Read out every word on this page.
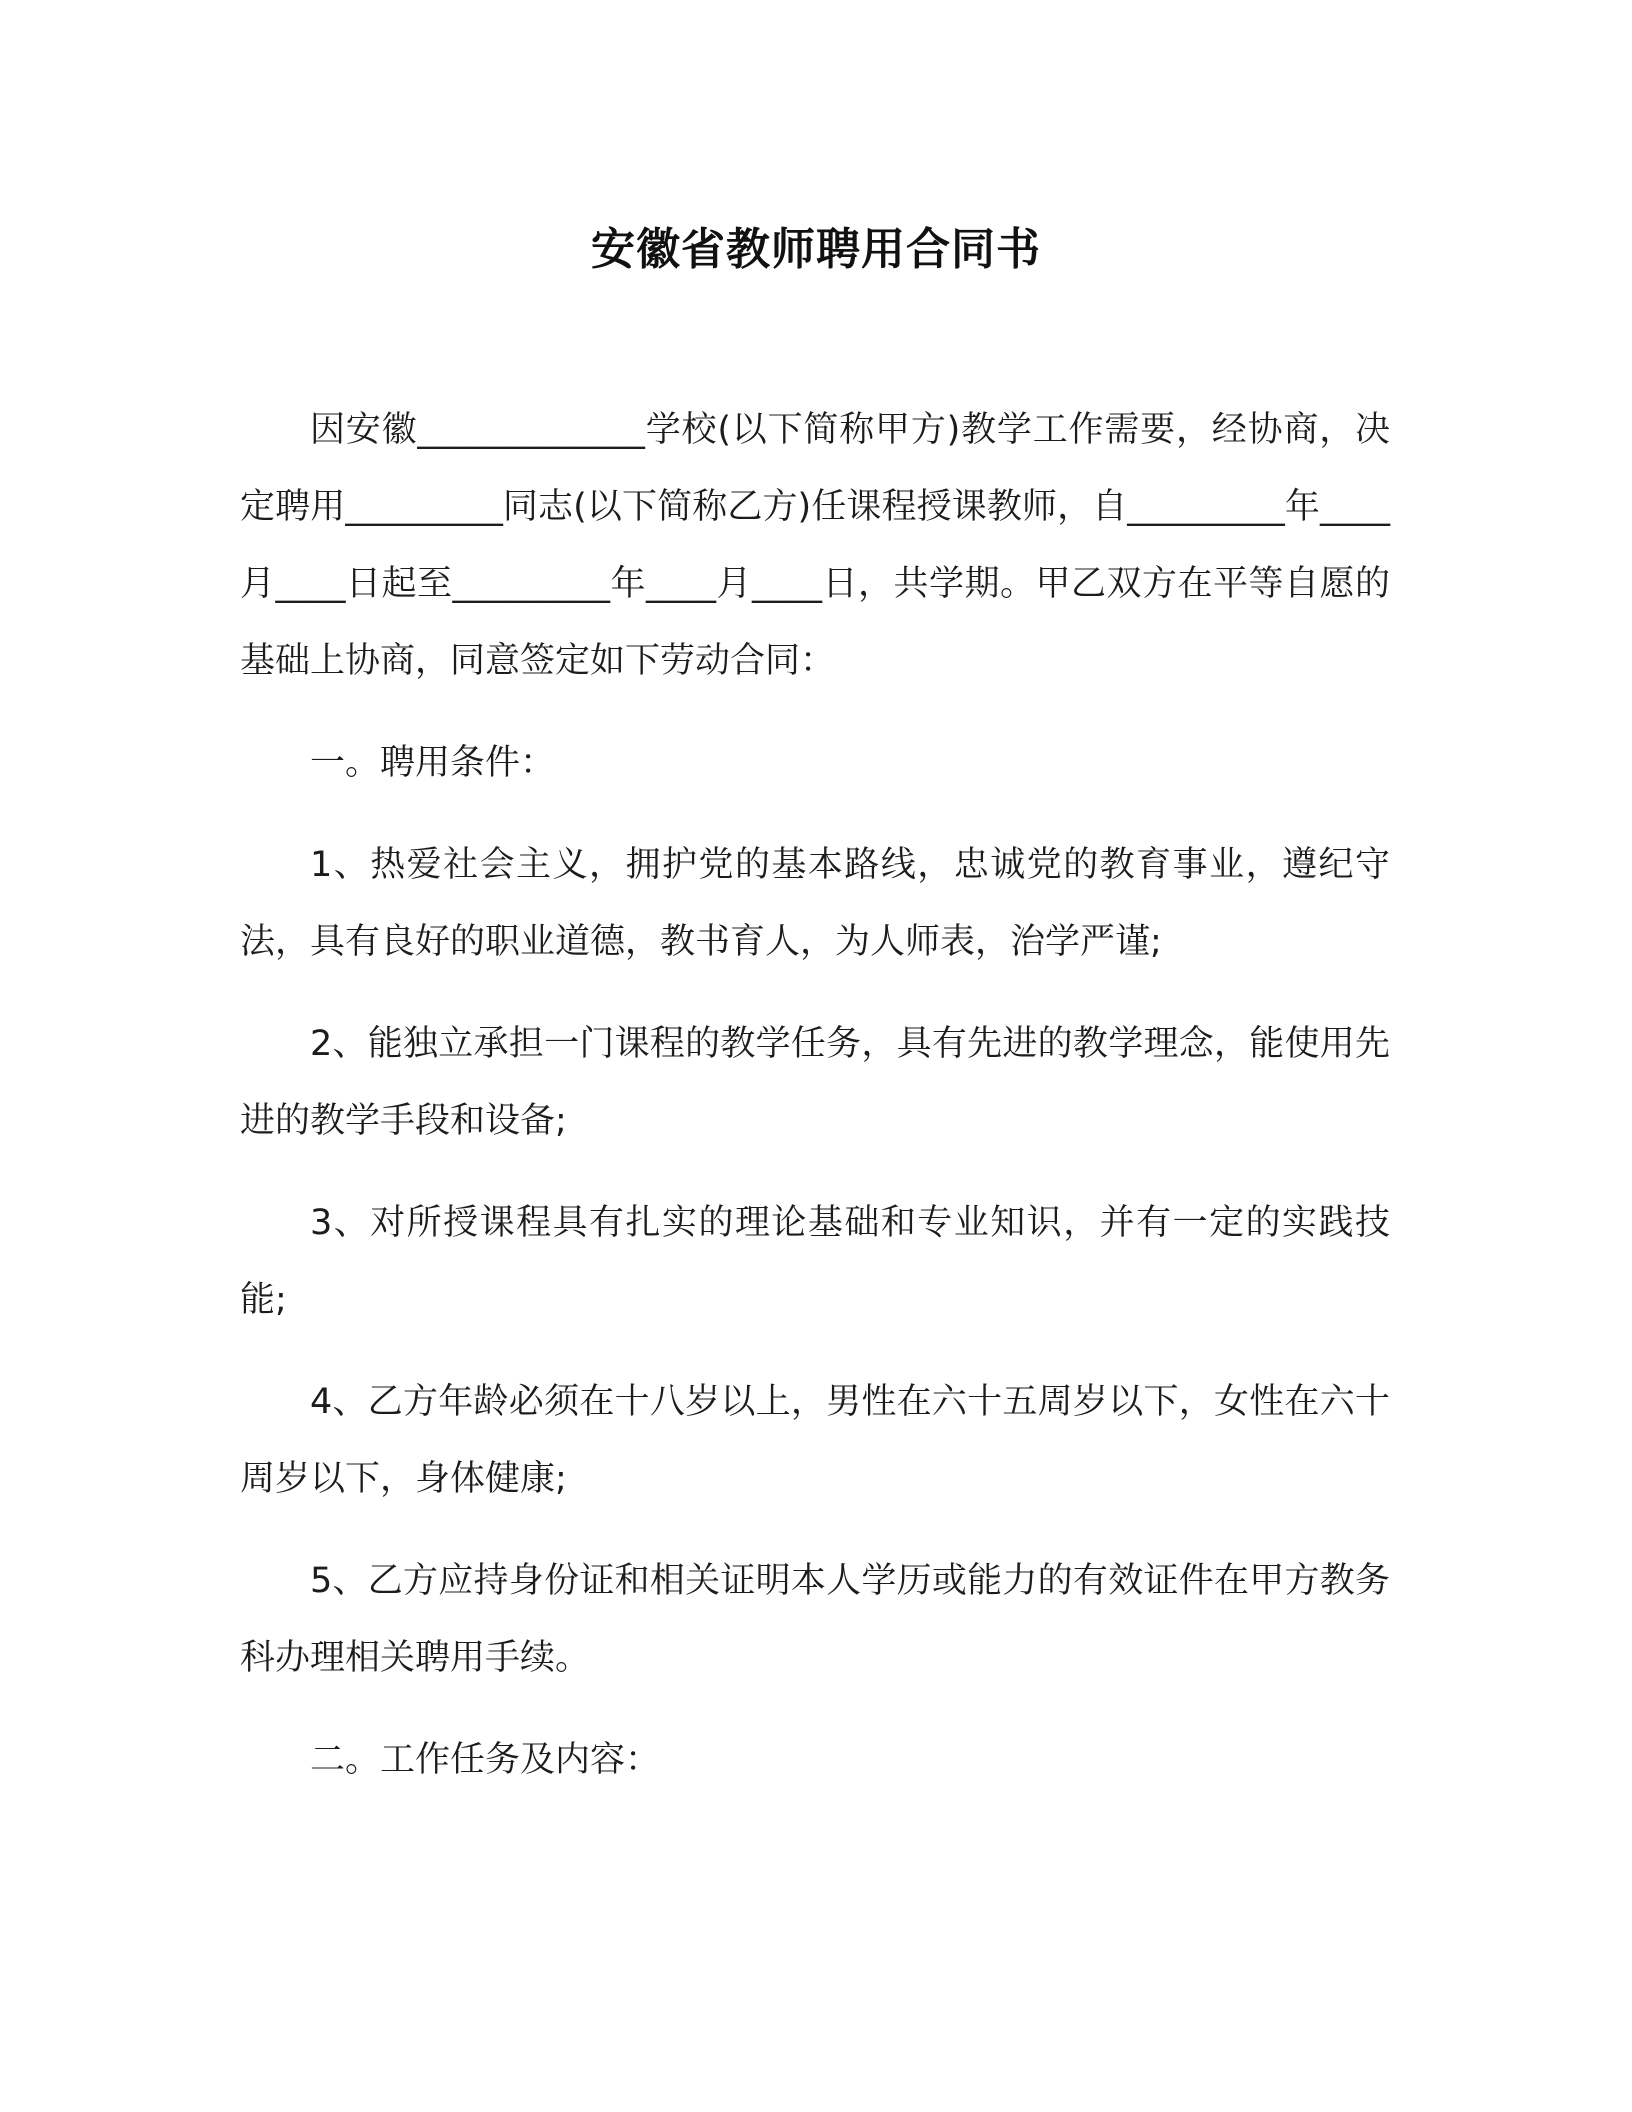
安徽省教师聘用合同书

因安徽_____________学校(以下简称甲方)教学工作需要，经协商，决定聘用_________同志(以下简称乙方)任课程授课教师，自_________年____月____日起至_________年____月____日，共学期。甲乙双方在平等自愿的基础上协商，同意签定如下劳动合同：

一。聘用条件：

1、热爱社会主义，拥护党的基本路线，忠诚党的教育事业，遵纪守法，具有良好的职业道德，教书育人，为人师表，治学严谨;

2、能独立承担一门课程的教学任务，具有先进的教学理念，能使用先进的教学手段和设备;

3、对所授课程具有扎实的理论基础和专业知识，并有一定的实践技能;

4、乙方年龄必须在十八岁以上，男性在六十五周岁以下，女性在六十周岁以下，身体健康;

5、乙方应持身份证和相关证明本人学历或能力的有效证件在甲方教务科办理相关聘用手续。

二。工作任务及内容：
